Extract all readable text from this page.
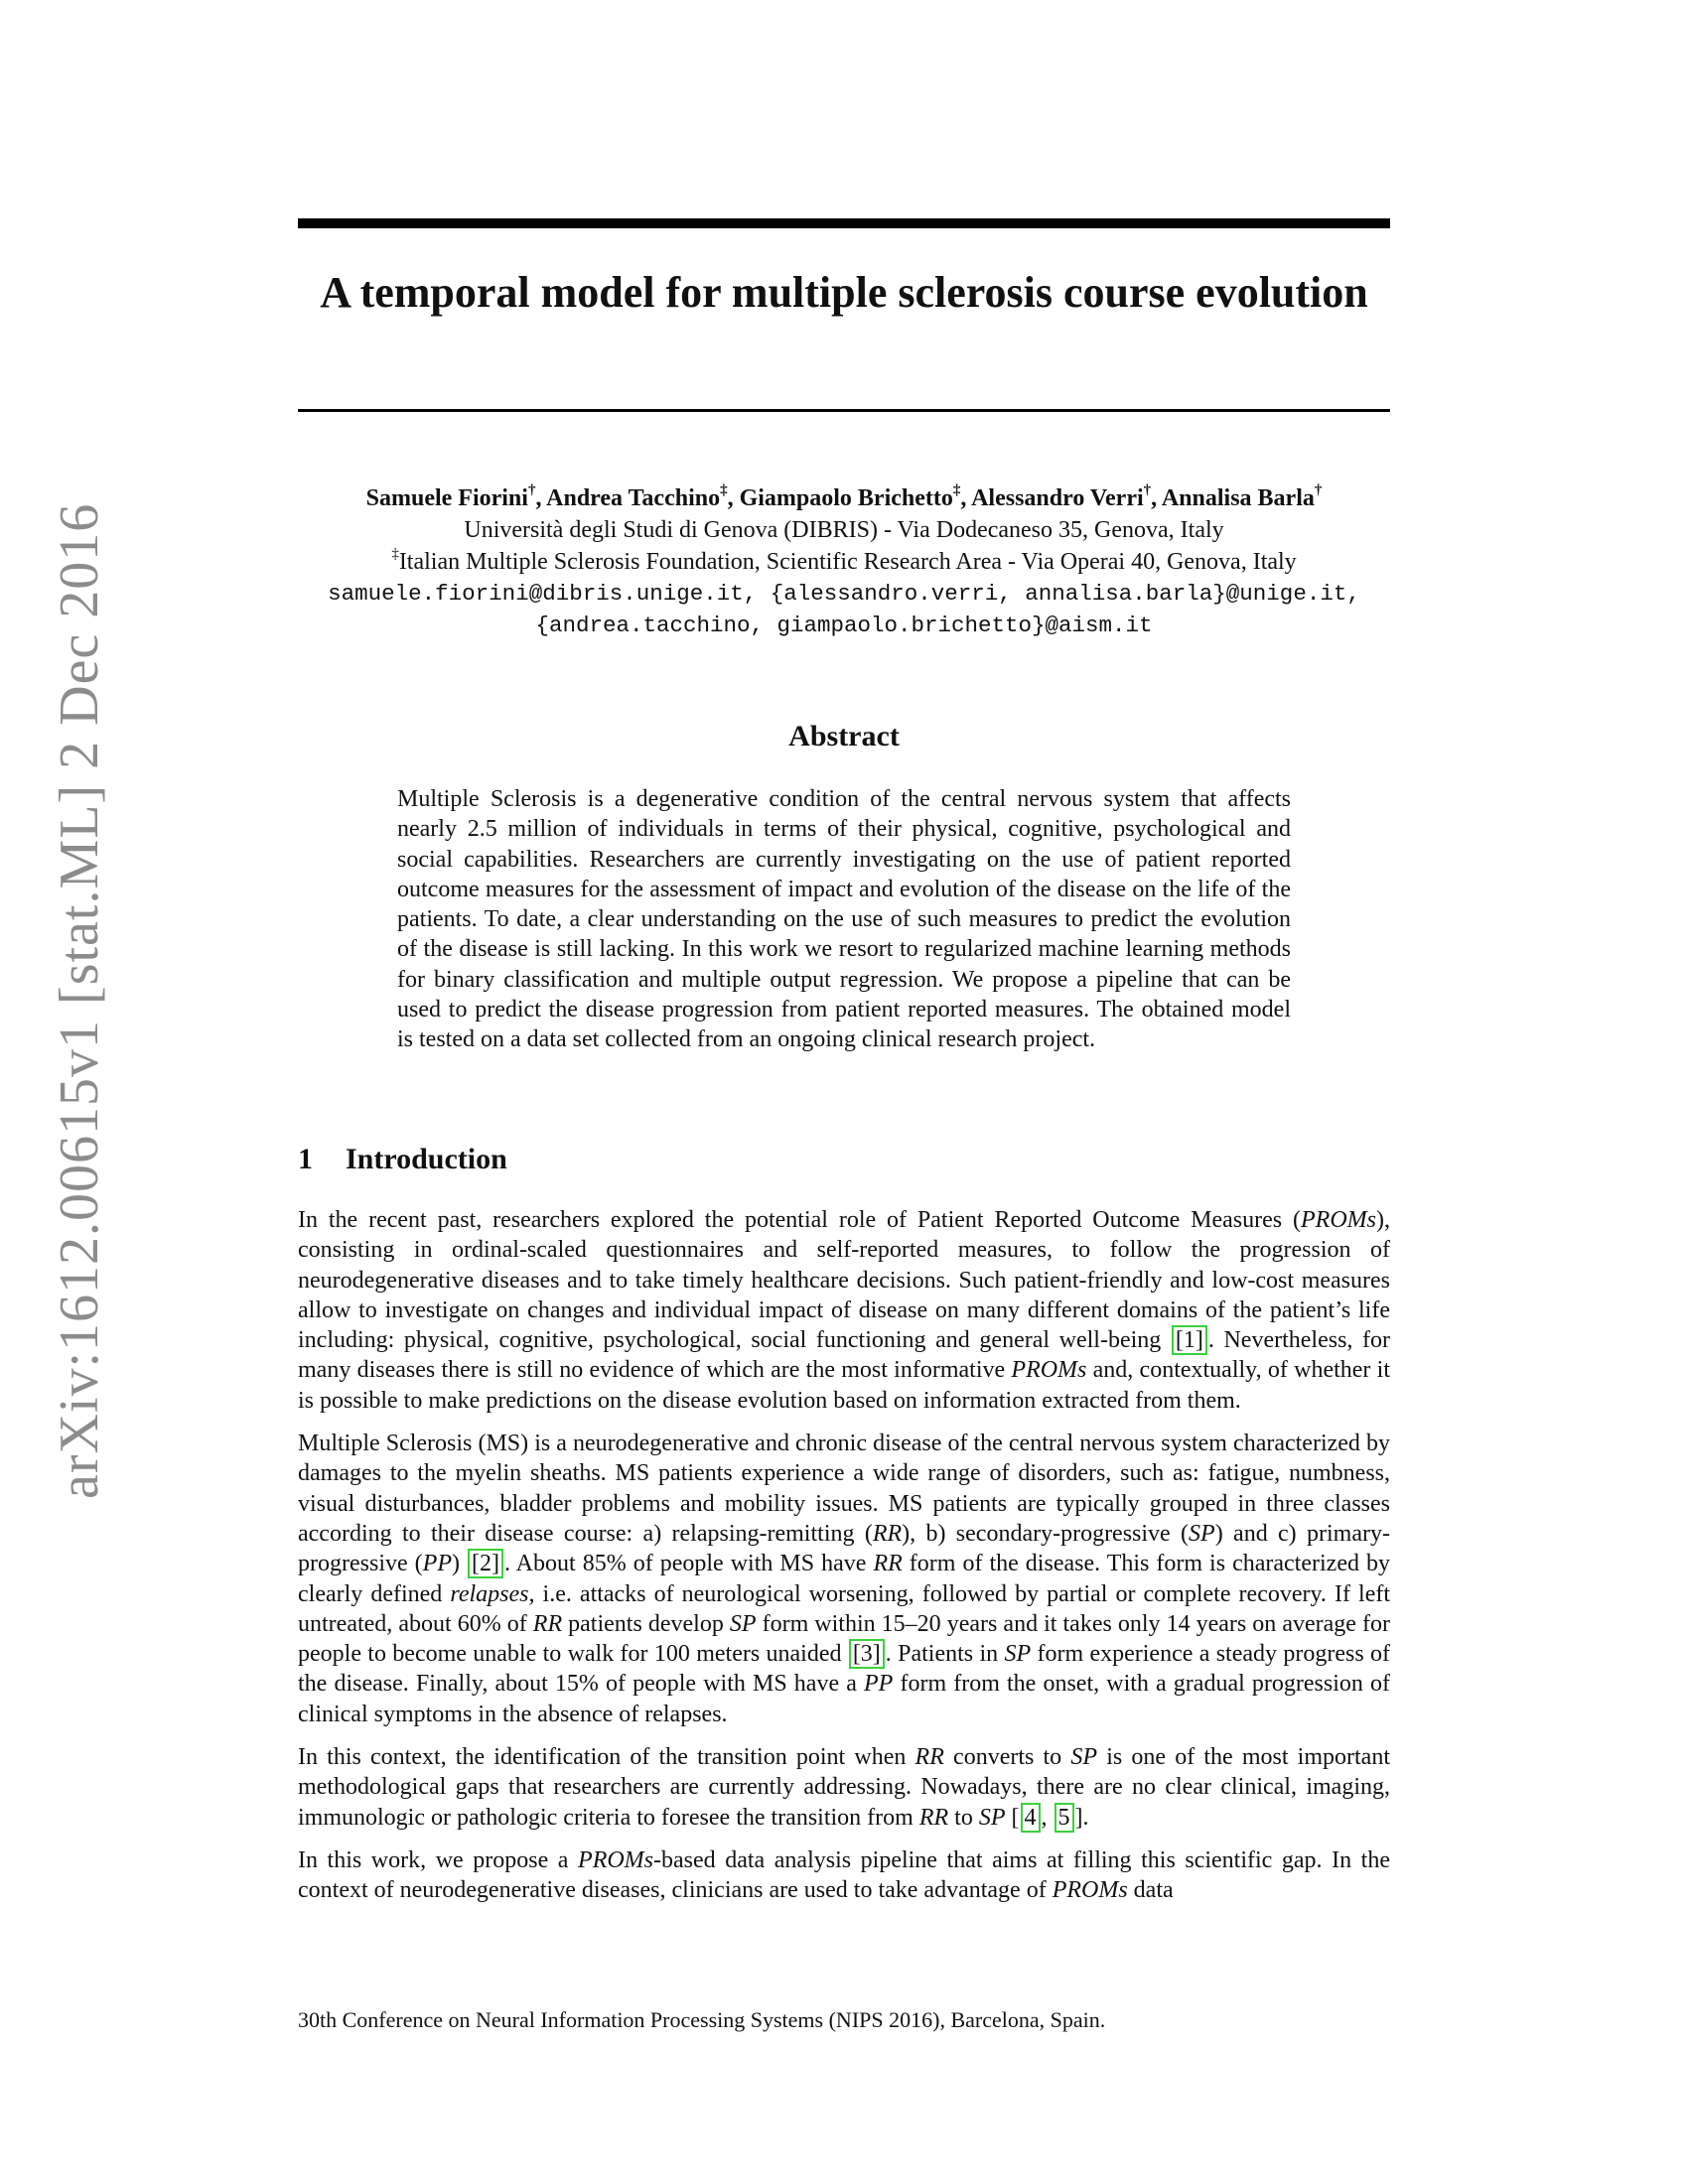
arXiv:1612.00615v1 [stat.ML] 2 Dec 2016
A temporal model for multiple sclerosis course evolution
Samuele Fiorini†, Andrea Tacchino‡, Giampaolo Brichetto‡, Alessandro Verri†, Annalisa Barla†
Università degli Studi di Genova (DIBRIS) - Via Dodecaneso 35, Genova, Italy
‡Italian Multiple Sclerosis Foundation, Scientific Research Area - Via Operai 40, Genova, Italy
samuele.fiorini@dibris.unige.it, {alessandro.verri, annalisa.barla}@unige.it,
{andrea.tacchino, giampaolo.brichetto}@aism.it
Abstract
Multiple Sclerosis is a degenerative condition of the central nervous system that affects nearly 2.5 million of individuals in terms of their physical, cognitive, psychological and social capabilities. Researchers are currently investigating on the use of patient reported outcome measures for the assessment of impact and evolution of the disease on the life of the patients. To date, a clear understanding on the use of such measures to predict the evolution of the disease is still lacking. In this work we resort to regularized machine learning methods for binary classification and multiple output regression. We propose a pipeline that can be used to predict the disease progression from patient reported measures. The obtained model is tested on a data set collected from an ongoing clinical research project.
1 Introduction

In the recent past, researchers explored the potential role of Patient Reported Outcome Measures (PROMs), consisting in ordinal-scaled questionnaires and self-reported measures, to follow the progression of neurodegenerative diseases and to take timely healthcare decisions. Such patient-friendly and low-cost measures allow to investigate on changes and individual impact of disease on many different domains of the patient’s life including: physical, cognitive, psychological, social functioning and general well-being [1] . Nevertheless, for many diseases there is still no evidence of which are the most informative PROMs and, contextually, of whether it is possible to make predictions on the disease evolution based on information extracted from them.

Multiple Sclerosis (MS) is a neurodegenerative and chronic disease of the central nervous system characterized by damages to the myelin sheaths. MS patients experience a wide range of disorders, such as: fatigue, numbness, visual disturbances, bladder problems and mobility issues. MS patients are typically grouped in three classes according to their disease course: a) relapsing-remitting (RR), b) secondary-progressive (SP) and c) primary-progressive (PP) [2] . About 85% of people with MS have RR form of the disease. This form is characterized by clearly defined relapses, i.e. attacks of neurological worsening, followed by partial or complete recovery. If left untreated, about 60% of RR patients develop SP form within 15–20 years and it takes only 14 years on average for people to become unable to walk for 100 meters unaided [3] . Patients in SP form experience a steady progress of the disease. Finally, about 15% of people with MS have a PP form from the onset, with a gradual progression of clinical symptoms in the absence of relapses.

In this context, the identification of the transition point when RR converts to SP is one of the most important methodological gaps that researchers are currently addressing. Nowadays, there are no clear clinical, imaging, immunologic or pathologic criteria to foresee the transition from RR to SP [ 4 , 5 ].

In this work, we propose a PROMs-based data analysis pipeline that aims at filling this scientific gap. In the context of neurodegenerative diseases, clinicians are used to take advantage of PROMs data

30th Conference on Neural Information Processing Systems (NIPS 2016), Barcelona, Spain.
